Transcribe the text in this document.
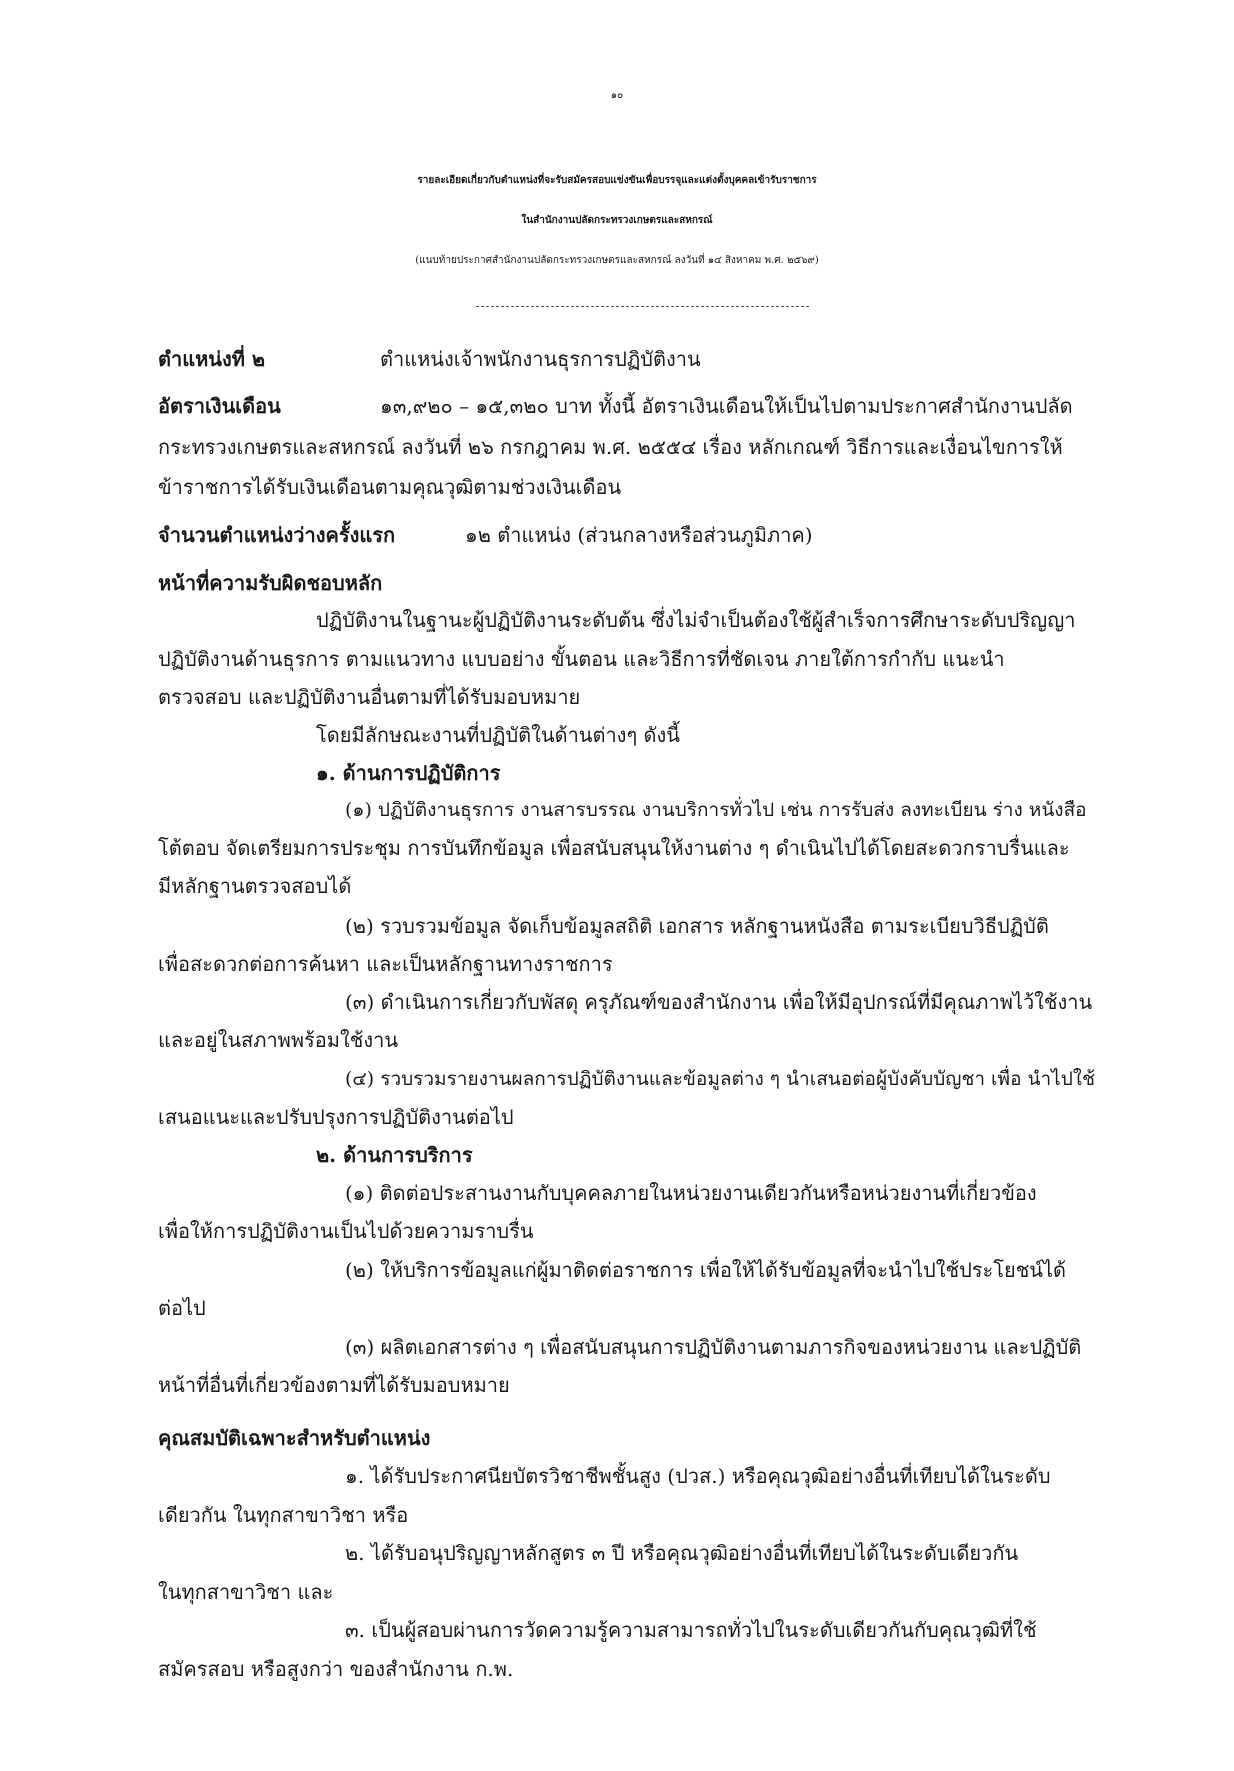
๑๐
รายละเอียดเกี่ยวกับตำแหน่งที่จะรับสมัครสอบแข่งขันเพื่อบรรจุและแต่งตั้งบุคคลเข้ารับราชการ
ในสำนักงานปลัดกระทรวงเกษตรและสหกรณ์
(แนบท้ายประกาศสำนักงานปลัดกระทรวงเกษตรและสหกรณ์ ลงวันที่ ๑๔ สิงหาคม พ.ศ. ๒๕๖๙)
ตำแหน่งที่ ๒	ตำแหน่งเจ้าพนักงานธุรการปฏิบัติงาน
อัตราเงินเดือน	๑๓,๙๒๐ – ๑๕,๓๒๐ บาท ทั้งนี้ อัตราเงินเดือนให้เป็นไปตามประกาศสำนักงานปลัด
กระทรวงเกษตรและสหกรณ์ ลงวันที่ ๒๖ กรกฎาคม พ.ศ. ๒๕๕๔ เรื่อง หลักเกณฑ์ วิธีการและเงื่อนไขการให้
ข้าราชการได้รับเงินเดือนตามคุณวุฒิตามช่วงเงินเดือน
จำนวนตำแหน่งว่างครั้งแรก	๑๒ ตำแหน่ง (ส่วนกลางหรือส่วนภูมิภาค)
หน้าที่ความรับผิดชอบหลัก
ปฏิบัติงานในฐานะผู้ปฏิบัติงานระดับต้น ซึ่งไม่จำเป็นต้องใช้ผู้สำเร็จการศึกษาระดับปริญญา
ปฏิบัติงานด้านธุรการ ตามแนวทาง แบบอย่าง ขั้นตอน และวิธีการที่ชัดเจน ภายใต้การกำกับ แนะนำ
ตรวจสอบ และปฏิบัติงานอื่นตามที่ได้รับมอบหมาย
โดยมีลักษณะงานที่ปฏิบัติในด้านต่างๆ ดังนี้
๑. ด้านการปฏิบัติการ
(๑) ปฏิบัติงานธุรการ งานสารบรรณ งานบริการทั่วไป เช่น การรับส่ง ลงทะเบียน ร่าง หนังสือ
โต้ตอบ จัดเตรียมการประชุม การบันทึกข้อมูล เพื่อสนับสนุนให้งานต่าง ๆ ดำเนินไปได้โดยสะดวกราบรื่นและ
มีหลักฐานตรวจสอบได้
(๒) รวบรวมข้อมูล จัดเก็บข้อมูลสถิติ เอกสาร หลักฐานหนังสือ ตามระเบียบวิธีปฏิบัติ
เพื่อสะดวกต่อการค้นหา และเป็นหลักฐานทางราชการ
(๓) ดำเนินการเกี่ยวกับพัสดุ ครุภัณฑ์ของสำนักงาน เพื่อให้มีอุปกรณ์ที่มีคุณภาพไว้ใช้งาน
และอยู่ในสภาพพร้อมใช้งาน
(๔) รวบรวมรายงานผลการปฏิบัติงานและข้อมูลต่าง ๆ นำเสนอต่อผู้บังคับบัญชา เพื่อ นำไปใช้
เสนอแนะและปรับปรุงการปฏิบัติงานต่อไป
๒. ด้านการบริการ
(๑) ติดต่อประสานงานกับบุคคลภายในหน่วยงานเดียวกันหรือหน่วยงานที่เกี่ยวข้อง
เพื่อให้การปฏิบัติงานเป็นไปด้วยความราบรื่น
(๒) ให้บริการข้อมูลแก่ผู้มาติดต่อราชการ เพื่อให้ได้รับข้อมูลที่จะนำไปใช้ประโยชน์ได้
ต่อไป
(๓) ผลิตเอกสารต่าง ๆ เพื่อสนับสนุนการปฏิบัติงานตามภารกิจของหน่วยงาน และปฏิบัติ
หน้าที่อื่นที่เกี่ยวข้องตามที่ได้รับมอบหมาย
คุณสมบัติเฉพาะสำหรับตำแหน่ง
๑. ได้รับประกาศนียบัตรวิชาชีพชั้นสูง (ปวส.) หรือคุณวุฒิอย่างอื่นที่เทียบได้ในระดับ
เดียวกัน ในทุกสาขาวิชา หรือ
๒. ได้รับอนุปริญญาหลักสูตร ๓ ปี หรือคุณวุฒิอย่างอื่นที่เทียบได้ในระดับเดียวกัน
ในทุกสาขาวิชา และ
๓. เป็นผู้สอบผ่านการวัดความรู้ความสามารถทั่วไปในระดับเดียวกันกับคุณวุฒิที่ใช้
สมัครสอบ หรือสูงกว่า ของสำนักงาน ก.พ.
